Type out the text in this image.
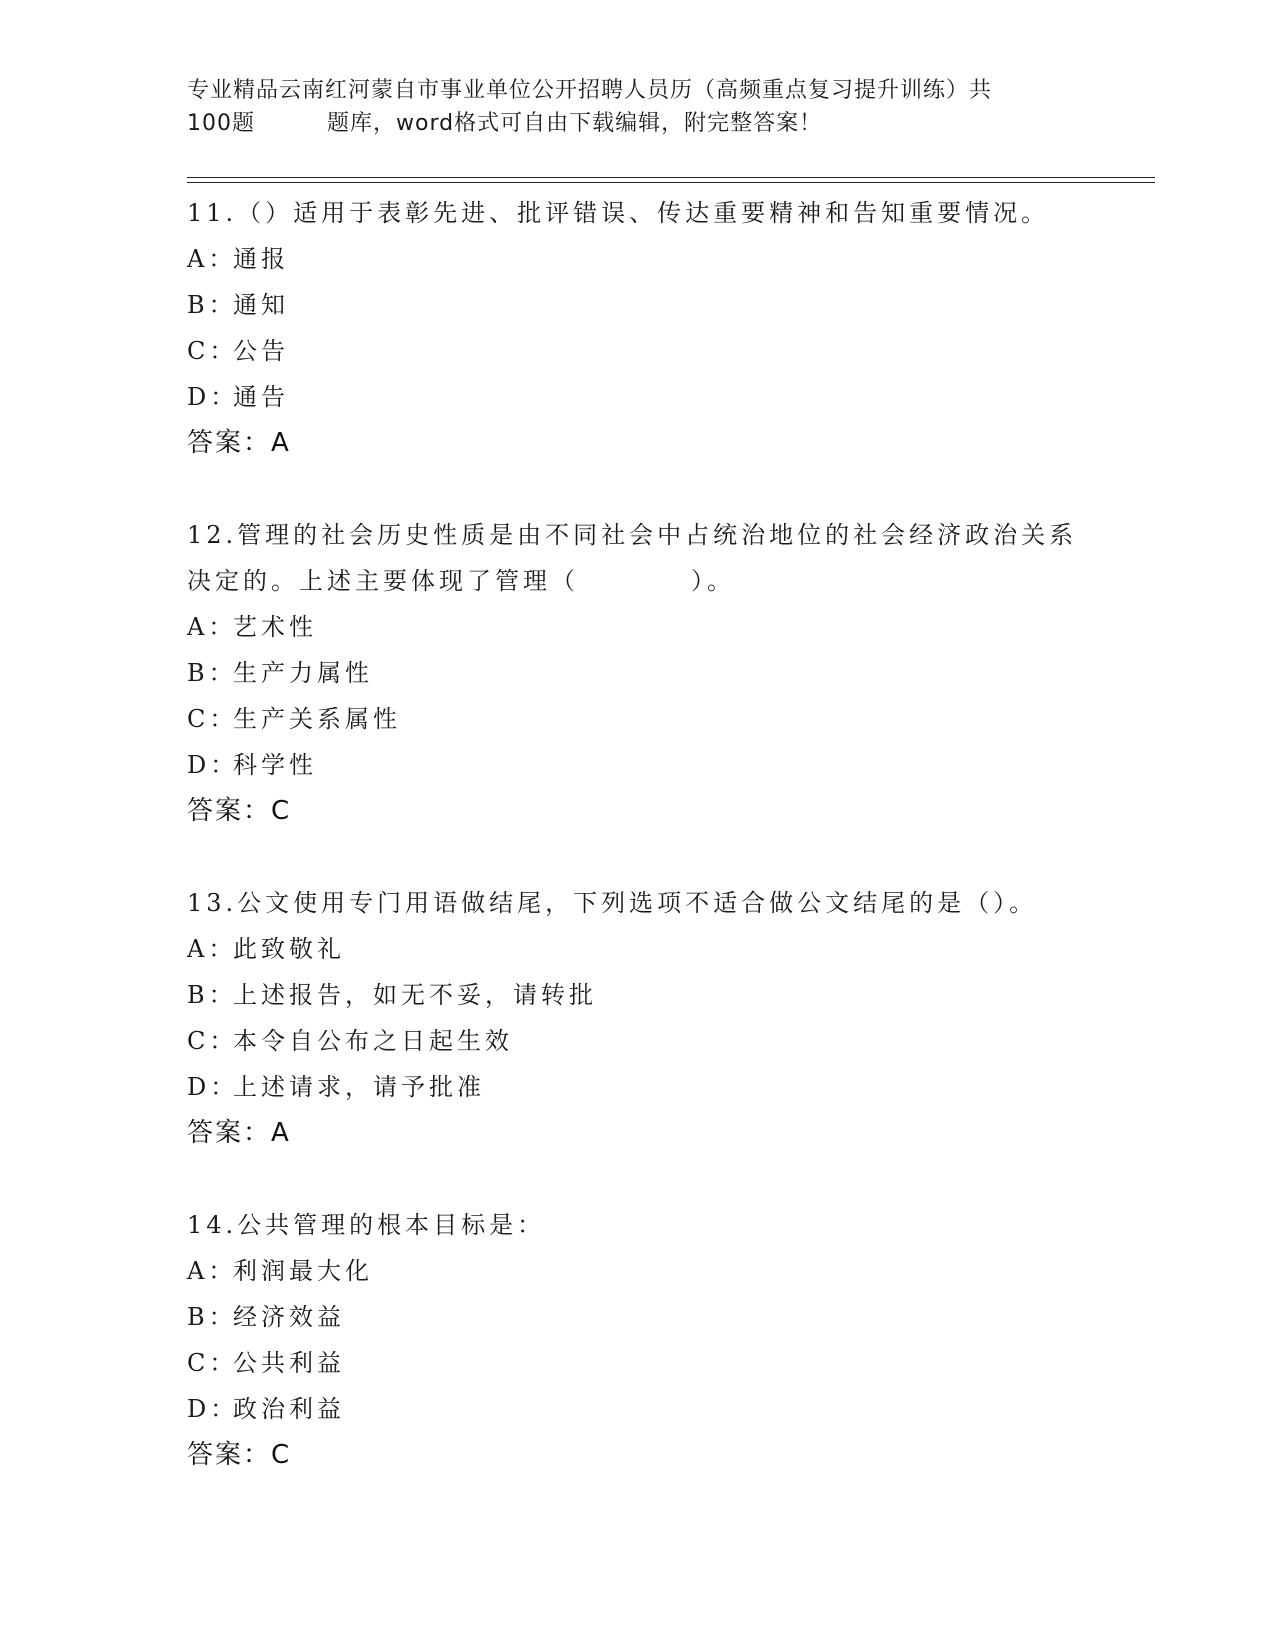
专业精品云南红河蒙自市事业单位公开招聘人员历（高频重点复习提升训练）共
100题	题库，word格式可自由下载编辑，附完整答案！
11.（）适用于表彰先进、批评错误、传达重要精神和告知重要情况。
A：通报
B：通知
C：公告
D：通告
答案：A
12.管理的社会历史性质是由不同社会中占统治地位的社会经济政治关系决定的。上述主要体现了管理（　　　　）。
A：艺术性
B：生产力属性
C：生产关系属性
D：科学性
答案：C
13.公文使用专门用语做结尾，下列选项不适合做公文结尾的是（）。
A：此致敬礼
B：上述报告，如无不妥，请转批
C：本令自公布之日起生效
D：上述请求，请予批准
答案：A
14.公共管理的根本目标是：
A：利润最大化
B：经济效益
C：公共利益
D：政治利益
答案：C
